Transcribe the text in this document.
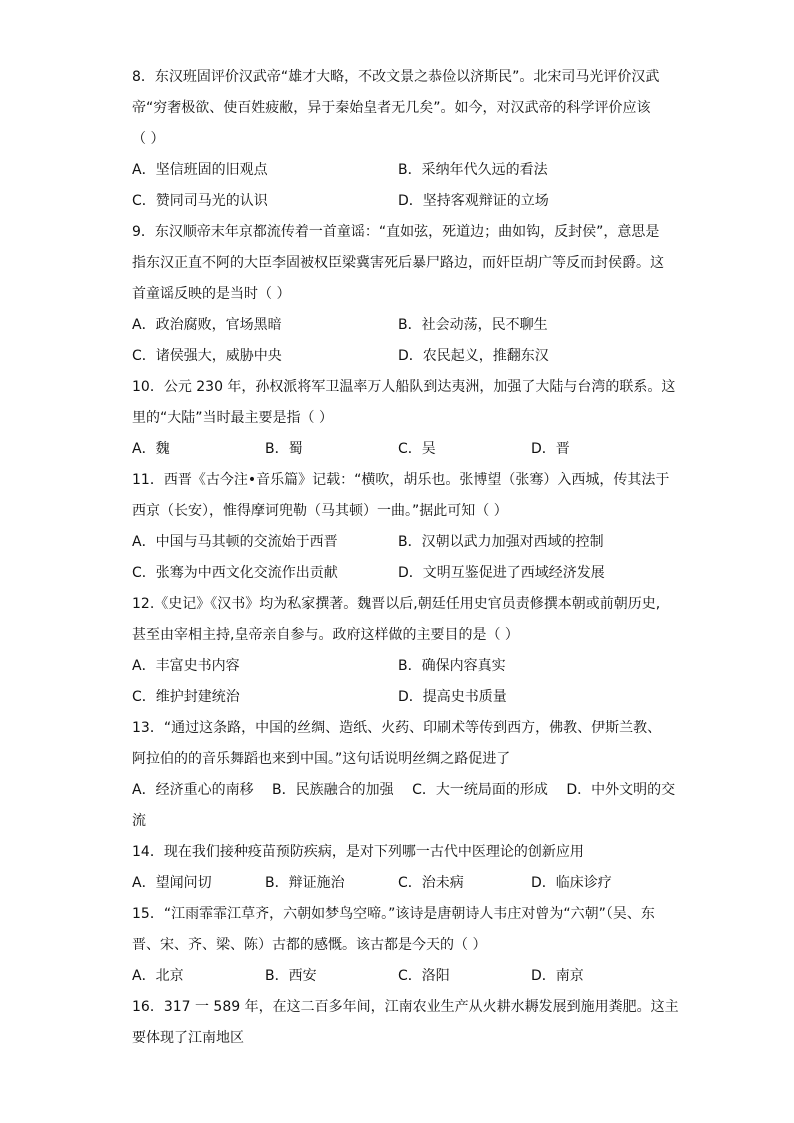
8．东汉班固评价汉武帝“雄才大略，不改文景之恭俭以济斯民”。北宋司马光评价汉武
帝“穷奢极欲、使百姓疲敝，异于秦始皇者无几矣”。如今，对汉武帝的科学评价应该
（ ）
A．坚信班固的旧观点	B．采纳年代久远的看法
C．赞同司马光的认识	D．坚持客观辩证的立场
9．东汉顺帝末年京都流传着一首童谣：“直如弦，死道边；曲如钩，反封侯”，意思是
指东汉正直不阿的大臣李固被权臣梁冀害死后暴尸路边，而奸臣胡广等反而封侯爵。这
首童谣反映的是当时（ ）
A．政治腐败，官场黑暗	B．社会动荡，民不聊生
C．诸侯强大，威胁中央	D．农民起义，推翻东汉
10．公元 230 年，孙权派将军卫温率万人船队到达夷洲，加强了大陆与台湾的联系。这
里的“大陆”当时最主要是指（ ）
A．魏	B．蜀	C．吴	D．晋
11．西晋《古今注•音乐篇》记载：“横吹，胡乐也。张博望（张骞）入西城，传其法于
西京（长安），惟得摩诃兜勒（马其顿）一曲。”据此可知（ ）
A．中国与马其顿的交流始于西晋	B．汉朝以武力加强对西域的控制
C．张骞为中西文化交流作出贡献	D．文明互鉴促进了西域经济发展
12.《史记》《汉书》均为私家撰著。魏晋以后,朝廷任用史官员责修撰本朝或前朝历史,
甚至由宰相主持,皇帝亲自参与。政府这样做的主要目的是（ ）
A．丰富史书内容	B．确保内容真实
C．维护封建统治	D．提高史书质量
13．“通过这条路，中国的丝绸、造纸、火药、印刷术等传到西方，佛教、伊斯兰教、
阿拉伯的的音乐舞蹈也来到中国。”这句话说明丝绸之路促进了
A．经济重心的南移 B．民族融合的加强 C．大一统局面的形成 D．中外文明的交
流
14．现在我们接种疫苗预防疾病，是对下列哪一古代中医理论的创新应用
A．望闻问切	B．辩证施治	C．治未病	D．临床诊疗
15．“江雨霏霏江草齐，六朝如梦鸟空啼。”该诗是唐朝诗人韦庄对曾为“六朝”（吴、东
晋、宋、齐、梁、陈）古都的感慨。该古都是今天的（ ）
A．北京	B．西安	C．洛阳	D．南京
16．317 一 589 年，在这二百多年间，江南农业生产从火耕水耨发展到施用粪肥。这主
要体现了江南地区
